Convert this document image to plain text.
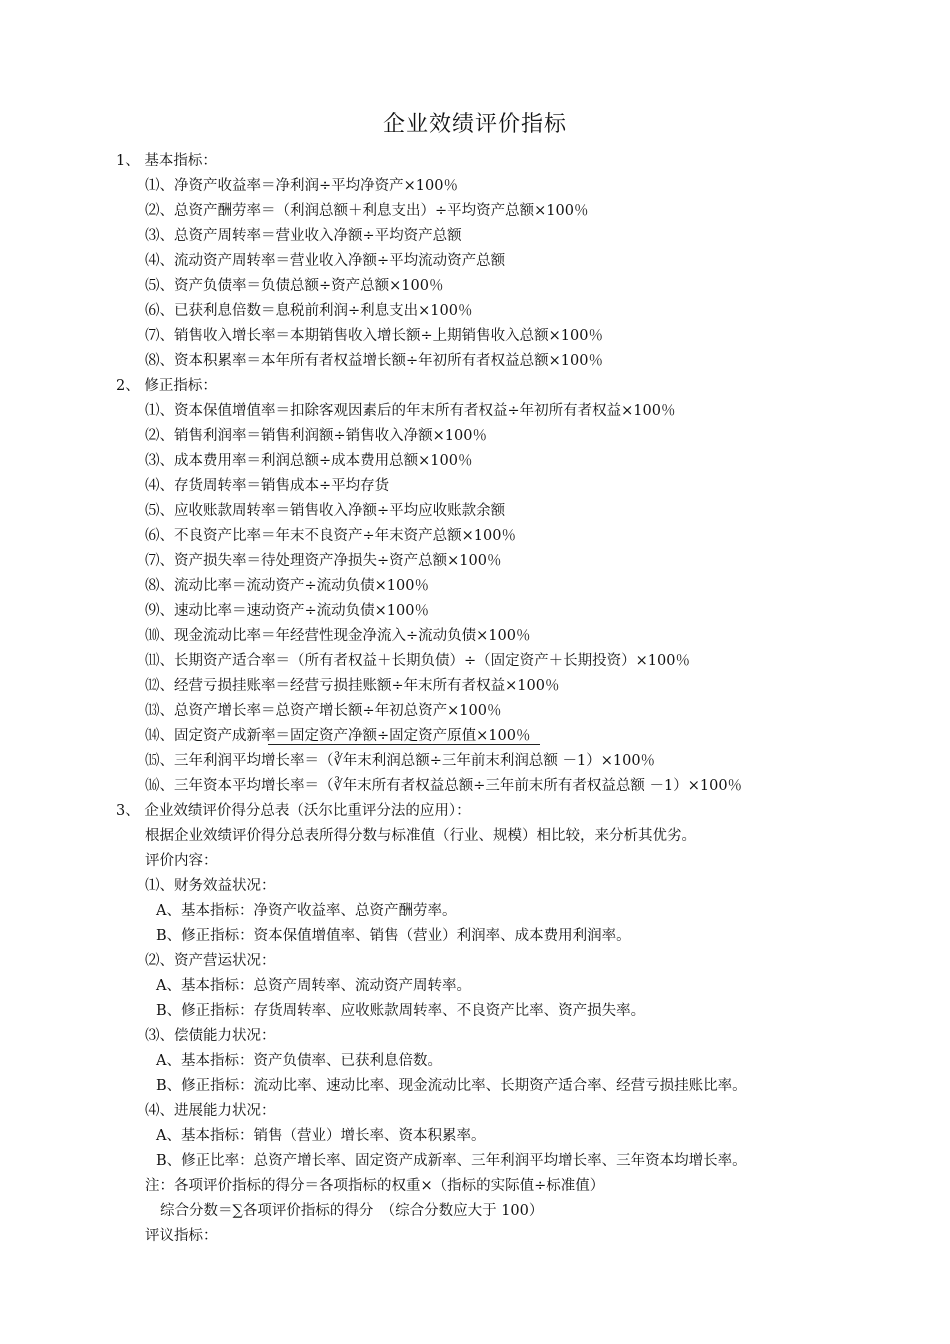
企业效绩评价指标
1、 基本指标：
⑴、净资产收益率＝净利润÷平均净资产×100％
⑵、总资产酬劳率＝（利润总额＋利息支出）÷平均资产总额×100％
⑶、总资产周转率＝营业收入净额÷平均资产总额
⑷、流动资产周转率＝营业收入净额÷平均流动资产总额
⑸、资产负债率＝负债总额÷资产总额×100％
⑹、已获利息倍数＝息税前利润÷利息支出×100％
⑺、销售收入增长率＝本期销售收入增长额÷上期销售收入总额×100％
⑻、资本积累率＝本年所有者权益增长额÷年初所有者权益总额×100％
2、 修正指标：
⑴、资本保值增值率＝扣除客观因素后的年末所有者权益÷年初所有者权益×100％
⑵、销售利润率＝销售利润额÷销售收入净额×100％
⑶、成本费用率＝利润总额÷成本费用总额×100％
⑷、存货周转率＝销售成本÷平均存货
⑸、应收账款周转率＝销售收入净额÷平均应收账款余额
⑹、不良资产比率＝年末不良资产÷年末资产总额×100％
⑺、资产损失率＝待处理资产净损失÷资产总额×100％
⑻、流动比率＝流动资产÷流动负债×100％
⑼、速动比率＝速动资产÷流动负债×100％
⑽、现金流动比率＝年经营性现金净流入÷流动负债×100％
⑾、长期资产适合率＝（所有者权益＋长期负债）÷（固定资产＋长期投资）×100％
⑿、经营亏损挂账率＝经营亏损挂账额÷年末所有者权益×100％
⒀、总资产增长率＝总资产增长额÷年初总资产×100％
⒁、固定资产成新率＝固定资产净额÷固定资产原值×100％
⒂、三年利润平均增长率＝（∛年末利润总额÷三年前末利润总额 －1）×100％
⒃、三年资本平均增长率＝（∛年末所有者权益总额÷三年前末所有者权益总额 －1）×100％
3、 企业效绩评价得分总表（沃尔比重评分法的应用）：
根据企业效绩评价得分总表所得分数与标准值（行业、规模）相比较，来分析其优劣。
评价内容：
⑴、财务效益状况：
A、基本指标：净资产收益率、总资产酬劳率。
B、修正指标：资本保值增值率、销售（营业）利润率、成本费用利润率。
⑵、资产营运状况：
A、基本指标：总资产周转率、流动资产周转率。
B、修正指标：存货周转率、应收账款周转率、不良资产比率、资产损失率。
⑶、偿债能力状况：
A、基本指标：资产负债率、已获利息倍数。
B、修正指标：流动比率、速动比率、现金流动比率、长期资产适合率、经营亏损挂账比率。
⑷、进展能力状况：
A、基本指标：销售（营业）增长率、资本积累率。
B、修正比率：总资产增长率、固定资产成新率、三年利润平均增长率、三年资本均增长率。
注：各项评价指标的得分＝各项指标的权重×（指标的实际值÷标准值）
综合分数＝∑各项评价指标的得分　（综合分数应大于 100）
评议指标：
